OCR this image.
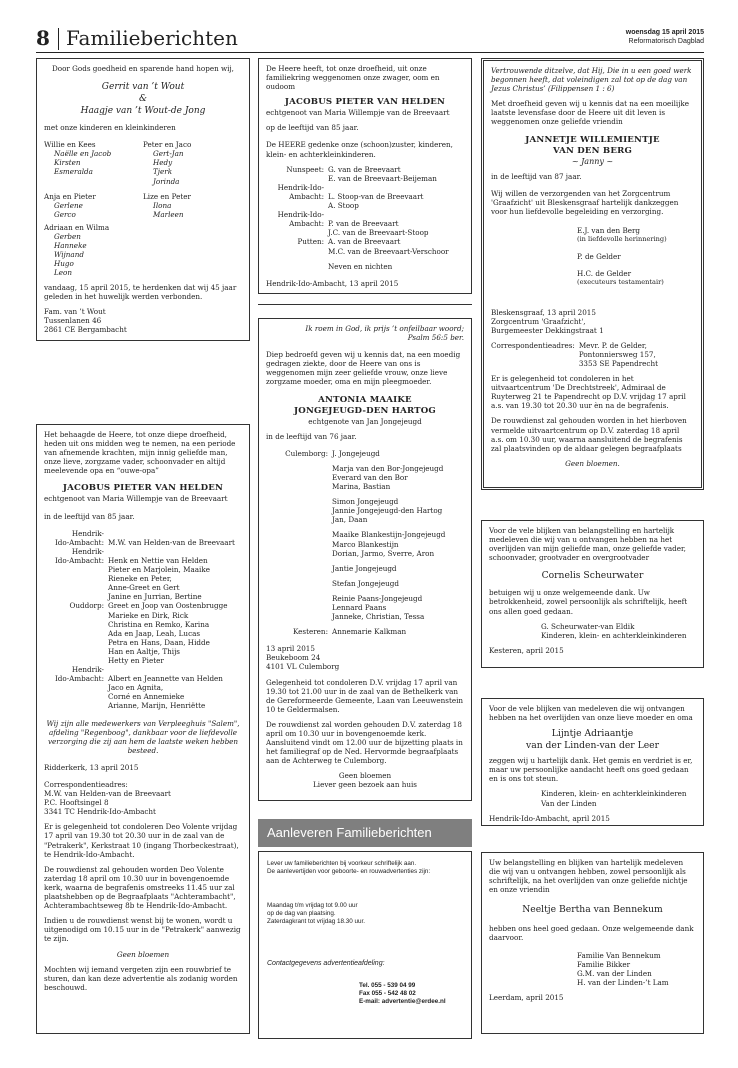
8 Familieberichten	woensdag 15 april 2015
Reformatorisch Dagblad

Door Gods goedheid en sparende hand hopen wij,

Gerrit van ’t Wout
&
Haagje van ’t Wout-de Jong

met onze kinderen en kleinkinderen

Willie en Kees
Naëlle en Jacob
Kirsten
Esmeralda
Peter en Jaco
Gert-Jan
Hedy
Tjerk
Jorinda
Anja en Pieter
Gerlene
Gerco
Lize en Peter
Ilona
Marleen
Adriaan en Wilma
Gerben
Hanneke
Wijnand
Hugo
Leon

vandaag, 15 april 2015, te herdenken dat wij 45 jaar geleden in het huwelijk werden verbonden.

Fam. van ’t Wout
Tussenlanen 46
2861 CE Bergambacht

De Heere heeft, tot onze droefheid, uit onze familiekring weggenomen onze zwager, oom en oudoom

JACOBUS PIETER VAN HELDEN

echtgenoot van Maria Willempje van de Breevaart

op de leeftijd van 85 jaar.

De HEERE gedenke onze (schoon)zuster, kinderen, klein- en achterkleinkinderen.

Nunspeet: G. van de Breevaart
E. van de Breevaart-Beijeman
Hendrik-Ido-
Ambacht: L. Stoop-van de Breevaart
A. Stoop
Hendrik-Ido-
Ambacht: P. van de Breevaart
J.C. van de Breevaart-Stoop
Putten: A. van de Breevaart
M.C. van de Breevaart-Verschoor

Neven en nichten

Hendrik-Ido-Ambacht, 13 april 2015

Vertrouwende ditzelve, dat Hij, Die in u een goed werk begonnen heeft, dat voleindigen zal tot op de dag van Jezus Christus’ (Filippensen 1 : 6)

Met droefheid geven wij u kennis dat na een moeilijke laatste levensfase door de Heere uit dit leven is weggenomen onze geliefde vriendin

JANNETJE WILLEMIENTJE
VAN DEN BERG
~ Janny ~

in de leeftijd van 87 jaar.

Wij willen de verzorgenden van het Zorgcentrum 'Graafzicht' uit Bleskensgraaf hartelijk dankzeggen voor hun liefdevolle begeleiding en verzorging.

E.J. van den Berg
(in liefdevolle herinnering)
P. de Gelder
H.C. de Gelder
(executeurs testamentair)
Bleskensgraaf, 13 april 2015
Zorgcentrum 'Graafzicht',
Burgemeester Dekkingstraat 1
Correspondentieadres: Mevr. P. de Gelder,
Pontonniersweg 157,
3353 SE Papendrecht

Er is gelegenheid tot condoleren in het uitvaartcentrum 'De Drechtstreek', Admiraal de Ruyterweg 21 te Papendrecht op D.V. vrijdag 17 april a.s. van 19.30 tot 20.30 uur èn na de begrafenis.

De rouwdienst zal gehouden worden in het hierboven vermelde uitvaartcentrum op D.V. zaterdag 18 april a.s. om 10.30 uur, waarna aansluitend de begrafenis zal plaatsvinden op de aldaar gelegen begraafplaats

Geen bloemen.

Ik roem in God, ik prijs ’t onfeilbaar woord;
Psalm 56:5 ber.

Diep bedroefd geven wij u kennis dat, na een moedig gedragen ziekte, door de Heere van ons is weggenomen mijn zeer geliefde vrouw, onze lieve zorgzame moeder, oma en mijn pleegmoeder.

ANTONIA MAAIKE
JONGEJEUGD-DEN HARTOG

echtgenote van Jan Jongejeugd

in de leeftijd van 76 jaar.

Culemborg: J. Jongejeugd
Marja van den Bor-Jongejeugd
Everard van den Bor
Marina, Bastian
Simon Jongejeugd
Jannie Jongejeugd-den Hartog
Jan, Daan
Maaike Blankestijn-Jongejeugd
Marco Blankestijn
Dorian, Jarmo, Sverre, Aron
Jantie Jongejeugd
Stefan Jongejeugd
Reinie Paans-Jongejeugd
Lennard Paans
Janneke, Christian, Tessa
Kesteren: Annemarie Kalkman
13 april 2015
Beukeboom 24
4101 VL Culemborg

Gelegenheid tot condoleren D.V. vrijdag 17 april van 19.30 tot 21.00 uur in de zaal van de Bethelkerk van de Gereformeerde Gemeente, Laan van Leeuwenstein 10 te Geldermalsen.

De rouwdienst zal worden gehouden D.V. zaterdag 18 april om 10.30 uur in bovengenoemde kerk. Aansluitend vindt om 12.00 uur de bijzetting plaats in het familiegraf op de Ned. Hervormde begraafplaats aan de Achterweg te Culemborg.

Geen bloemen
Liever geen bezoek aan huis

Het behaagde de Heere, tot onze diepe droefheid, heden uit ons midden weg te nemen, na een periode van afnemende krachten, mijn innig geliefde man, onze lieve, zorgzame vader, schoonvader en altijd meelevende opa en “ouwe-opa”

JACOBUS PIETER VAN HELDEN

echtgenoot van Maria Willempje van de Breevaart

in de leeftijd van 85 jaar.

Hendrik-
Ido-Ambacht: M.W. van Helden-van de Breevaart
Hendrik-
Ido-Ambacht: Henk en Nettie van Helden
Pieter en Marjolein, Maaike
Rieneke en Peter,
Anne-Greet en Gert
Janine en Jurrian, Bertine
Ouddorp: Greet en Joop van Oostenbrugge
Marieke en Dirk, Rick
Christina en Remko, Karina
Ada en Jaap, Leah, Lucas
Petra en Hans, Daan, Hidde
Han en Aaltje, Thijs
Hetty en Pieter
Hendrik-
Ido-Ambacht: Albert en Jeannette van Helden
Jaco en Agnita,
Corné en Annemieke
Arianne, Marijn, Henriëtte

Wij zijn alle medewerkers van Verpleeghuis "Salem", afdeling "Regenboog", dankbaar voor de liefdevolle verzorging die zij aan hem de laatste weken hebben besteed.

Ridderkerk, 13 april 2015

Correspondentieadres:
M.W. van Helden-van de Breevaart
P.C. Hooftsingel 8
3341 TC Hendrik-Ido-Ambacht

Er is gelegenheid tot condoleren Deo Volente vrijdag 17 april van 19.30 tot 20.30 uur in de zaal van de "Petrakerk", Kerkstraat 10 (ingang Thorbeckestraat), te Hendrik-Ido-Ambacht.

De rouwdienst zal gehouden worden Deo Volente zaterdag 18 april om 10.30 uur in bovengenoemde kerk, waarna de begrafenis omstreeks 11.45 uur zal plaatshebben op de Begraafplaats "Achterambacht", Achterambachtseweg 8b te Hendrik-Ido-Ambacht.

Indien u de rouwdienst wenst bij te wonen, wordt u uitgenodigd om 10.15 uur in de "Petrakerk" aanwezig te zijn.

Geen bloemen

Mochten wij iemand vergeten zijn een rouwbrief te sturen, dan kan deze advertentie als zodanig worden beschouwd.

Voor de vele blijken van belangstelling en hartelijk medeleven die wij van u ontvangen hebben na het overlijden van mijn geliefde man, onze geliefde vader, schoonvader, grootvader en overgrootvader

Cornelis Scheurwater

betuigen wij u onze welgemeende dank. Uw betrokkenheid, zowel persoonlijk als schriftelijk, heeft ons allen goed gedaan.

G. Scheurwater-van Eldik
Kinderen, klein- en achterkleinkinderen
Kesteren, april 2015

Voor de vele blijken van medeleven die wij ontvangen hebben na het overlijden van onze lieve moeder en oma

Lijntje Adriaantje
van der Linden-van der Leer

zeggen wij u hartelijk dank. Het gemis en verdriet is er, maar uw persoonlijke aandacht heeft ons goed gedaan en is ons tot steun.

Kinderen, klein- en achterkleinkinderen
Van der Linden
Hendrik-Ido-Ambacht, april 2015

Uw belangstelling en blijken van hartelijk medeleven die wij van u ontvangen hebben, zowel persoonlijk als schriftelijk, na het overlijden van onze geliefde nichtje en onze vriendin

Neeltje Bertha van Bennekum

hebben ons heel goed gedaan. Onze welgemeende dank daarvoor.

Familie Van Bennekum
Familie Bikker
G.M. van der Linden
H. van der Linden-’t Lam
Leerdam, april 2015
Aanleveren Familieberichten
Lever uw familieberichten bij voorkeur schriftelijk aan.

De aanlevertijden voor geboorte- en rouwadvertenties zijn:

Maandag t/m vrijdag tot 9.00 uur
op de dag van plaatsing.

Zaterdagkrant tot vrijdag 18.30 uur.

Contactgegevens advertentieafdeling:

Tel. 055 - 539 04 99
Fax 055 - 542 48 02
E-mail: advertentie@erdee.nl
